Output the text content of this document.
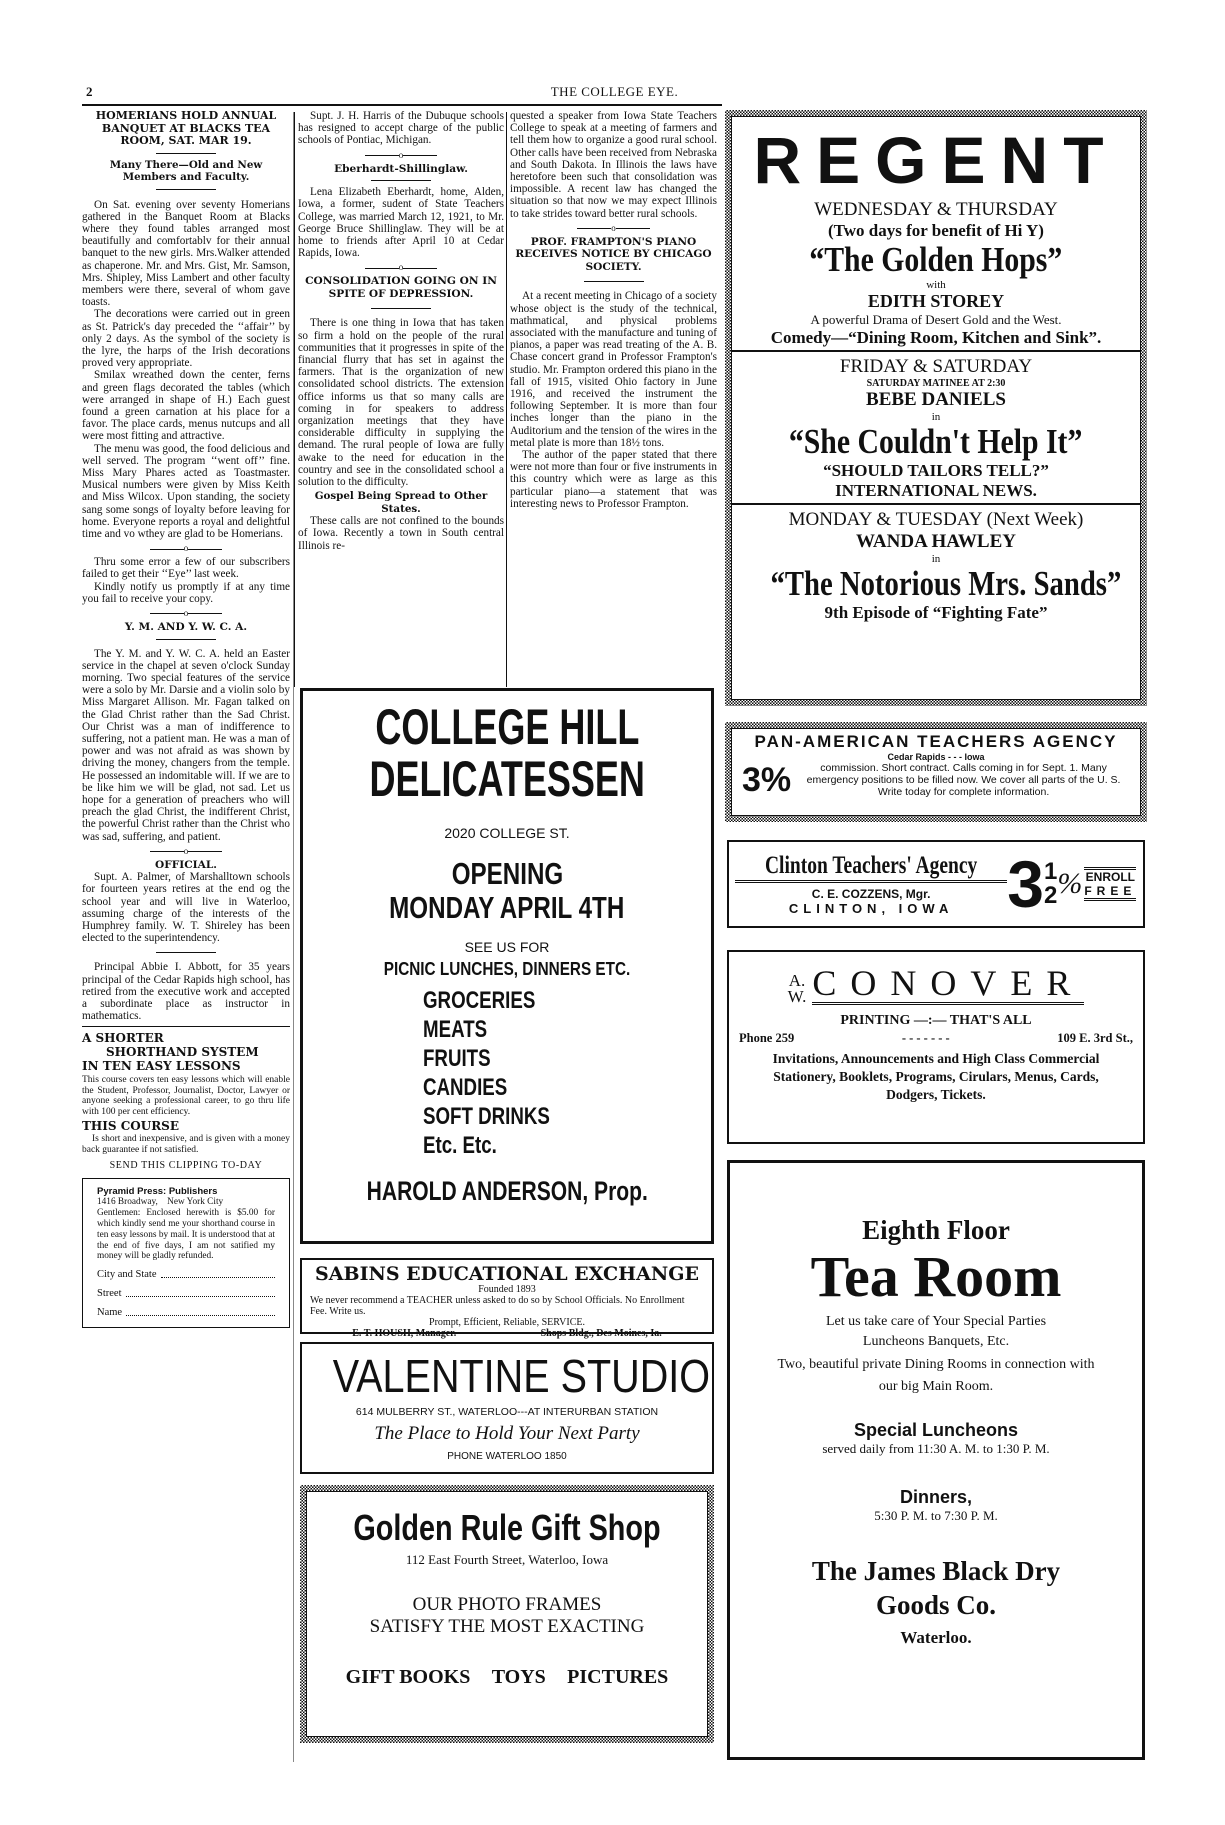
2	THE COLLEGE EYE.
HOMERIANS HOLD ANNUAL BANQUET AT BLACKS TEA ROOM, SAT. MAR 19.
Many There—Old and New Members and Faculty.

On Sat. evening over seventy Homerians gathered in the Banquet Room at Blacks where they found tables arranged most beautifully and comfortablv for their annual banquet to the new girls. Mrs.Walker attended as chaperone. Mr. and Mrs. Gist, Mr. Samson, Mrs. Shipley, Miss Lambert and other faculty members were there, several of whom gave toasts.

The decorations were carried out in green as St. Patrick's day preceded the ‘‘affair’’ by only 2 days. As the symbol of the society is the lyre, the harps of the Irish decorations proved very appropriate.

Smilax wreathed down the center, ferns and green flags decorated the tables (which were arranged in shape of H.) Each guest found a green carnation at his place for a favor. The place cards, menus nutcups and all were most fitting and attractive.

The menu was good, the food delicious and well served. The program ‘‘went off’’ fine. Miss Mary Phares acted as Toastmaster. Musical numbers were given by Miss Keith and Miss Wilcox. Upon standing, the society sang some songs of loyalty before leaving for home. Everyone reports a royal and delightful time and vo wthey are glad to be Homerians.

o

Thru some error a few of our subscribers failed to get their ‘‘Eye’’ last week.

Kindly notify us promptly if at any time you fail to receive your copy.

o
Y. M. AND Y. W. C. A.

The Y. M. and Y. W. C. A. held an Easter service in the chapel at seven o'clock Sunday morning. Two special features of the service were a solo by Mr. Darsie and a violin solo by Miss Margaret Allison. Mr. Fagan talked on the Glad Christ rather than the Sad Christ. Our Christ was a man of indifference to suffering, not a patient man. He was a man of power and was not afraid as was shown by driving the money, changers from the temple. He possessed an indomitable will. If we are to be like him we will be glad, not sad. Let us hope for a generation of preachers who will preach the glad Christ, the indifferent Christ, the powerful Christ rather than the Christ who was sad, suffering, and patient.

o
OFFICIAL.

Supt. A. Palmer, of Marshalltown schools for fourteen years retires at the end og the school year and will live in Waterloo, assuming charge of the interests of the Humphrey family. W. T. Shireley has been elected to the superintendency.

Principal Abbie I. Abbott, for 35 years principal of the Cedar Rapids high school, has retired from the executive work and accepted a subordinate place as instructor in mathematics.

A SHORTER
SHORTHAND SYSTEM
IN TEN EASY LESSONS
This course covers ten easy lessons which will enable the Student, Professor, Journalist, Doctor, Lawyer or anyone seeking a professional career, to go thru life with 100 per cent efficiency.
THIS COURSE
Is short and inexpensive, and is given with a money back guarantee if not satisfied.
SEND THIS CLIPPING TO-DAY
Pyramid Press: Publishers
1416 Broadway,    New York City
Gentlemen: Enclosed herewith is $5.00 for which kindly send me your shorthand course in ten easy lessons by mail. It is understood that at the end of five days, I am not satified my money will be gladly refunded.
City and State
Street
Name

Supt. J. H. Harris of the Dubuque schools has resigned to accept charge of the public schools of Pontiac, Michigan.

o
Eberhardt-Shillinglaw.

Lena Elizabeth Eberhardt, home, Alden, Iowa, a former, sudent of State Teachers College, was married March 12, 1921, to Mr. George Bruce Shillinglaw. They will be at home to friends after April 10 at Cedar Rapids, Iowa.

o
CONSOLIDATION GOING ON IN SPITE OF DEPRESSION.

There is one thing in Iowa that has taken so firm a hold on the people of the rural communities that it progresses in spite of the financial flurry that has set in against the farmers. That is the organization of new consolidated school districts. The extension office informs us that so many calls are coming in for speakers to address organization meetings that they have considerable difficulty in supplying the demand. The rural people of Iowa are fully awake to the need for education in the country and see in the consolidated school a solution to the difficulty.

Gospel Being Spread to Other States.

These calls are not confined to the bounds of Iowa. Recently a town in South central Illinois re-

quested a speaker from Iowa State Teachers College to speak at a meeting of farmers and tell them how to organize a good rural school. Other calls have been received from Nebraska and South Dakota. In Illinois the laws have heretofore been such that consolidation was impossible. A recent law has changed the situation so that now we may expect Illinois to take strides toward better rural schools.

o
PROF. FRAMPTON'S PIANO RECEIVES NOTICE BY CHICAGO SOCIETY.

At a recent meeting in Chicago of a society whose object is the study of the technical, mathmatical, and physical problems associated with the manufacture and tuning of pianos, a paper was read treating of the A. B. Chase concert grand in Professor Frampton's studio. Mr. Frampton ordered this piano in the fall of 1915, visited Ohio factory in June 1916, and received the instrument the following September. It is more than four inches longer than the piano in the Auditorium and the tension of the wires in the metal plate is more than 18½ tons.

The author of the paper stated that there were not more than four or five instruments in this country which were as large as this particular piano—a statement that was interesting news to Professor Frampton.

COLLEGE HILL
DELICATESSEN
2020 COLLEGE ST.
OPENING
MONDAY APRIL 4TH
SEE US FOR
PICNIC LUNCHES, DINNERS ETC.
GROCERIES
MEATS
FRUITS
CANDIES
SOFT DRINKS
Etc. Etc.
HAROLD ANDERSON, Prop.
SABINS EDUCATIONAL EXCHANGE
Founded 1893
We never recommend a TEACHER unless asked to do so by School Officials. No Enrollment Fee. Write us.
Prompt, Efficient, Reliable, SERVICE.
E. T. HOUSH, Manager.	Shops Bldg., Des Moines, Ia.
VALENTINE STUDIO
614 MULBERRY ST., WATERLOO---AT INTERURBAN STATION
The Place to Hold Your Next Party
PHONE WATERLOO 1850
Golden Rule Gift Shop
112 East Fourth Street, Waterloo, Iowa
OUR PHOTO FRAMES
SATISFY THE MOST EXACTING
GIFT BOOKS TOYS PICTURES
REGENT
WEDNESDAY & THURSDAY
(Two days for benefit of Hi Y)
“The Golden Hops”
with
EDITH STOREY
A powerful Drama of Desert Gold and the West.
Comedy—“Dining Room, Kitchen and Sink”.
FRIDAY & SATURDAY
SATURDAY MATINEE AT 2:30
BEBE DANIELS
in
“She Couldn't Help It”
“SHOULD TAILORS TELL?”
INTERNATIONAL NEWS.
MONDAY & TUESDAY (Next Week)
WANDA HAWLEY
in
“The Notorious Mrs. Sands”
9th Episode of “Fighting Fate”
PAN-AMERICAN TEACHERS AGENCY
Cedar Rapids - - - Iowa
3%	commission. Short contract. Calls coming in for Sept. 1. Many emergency positions to be filled now. We cover all parts of the U. S. Write today for complete information.
Clinton Teachers' Agency
C. E. COZZENS, Mgr.
CLINTON, IOWA 3 1
2 % ENROLL
FREE
A.
W. CONOVER
PRINTING —:— THAT'S ALL
Phone 259	- - - - - - -	109 E. 3rd St.,
Invitations, Announcements and High Class Commercial Stationery, Booklets, Programs, Cirulars, Menus, Cards, Dodgers, Tickets.
Eighth Floor
Tea Room
Let us take care of Your Special Parties
Luncheons Banquets, Etc.
Two, beautiful private Dining Rooms in connection with our big Main Room.
Special Luncheons
served daily from 11:30 A. M. to 1:30 P. M.
Dinners,
5:30 P. M. to 7:30 P. M.
The James Black Dry Goods Co.
Waterloo.
